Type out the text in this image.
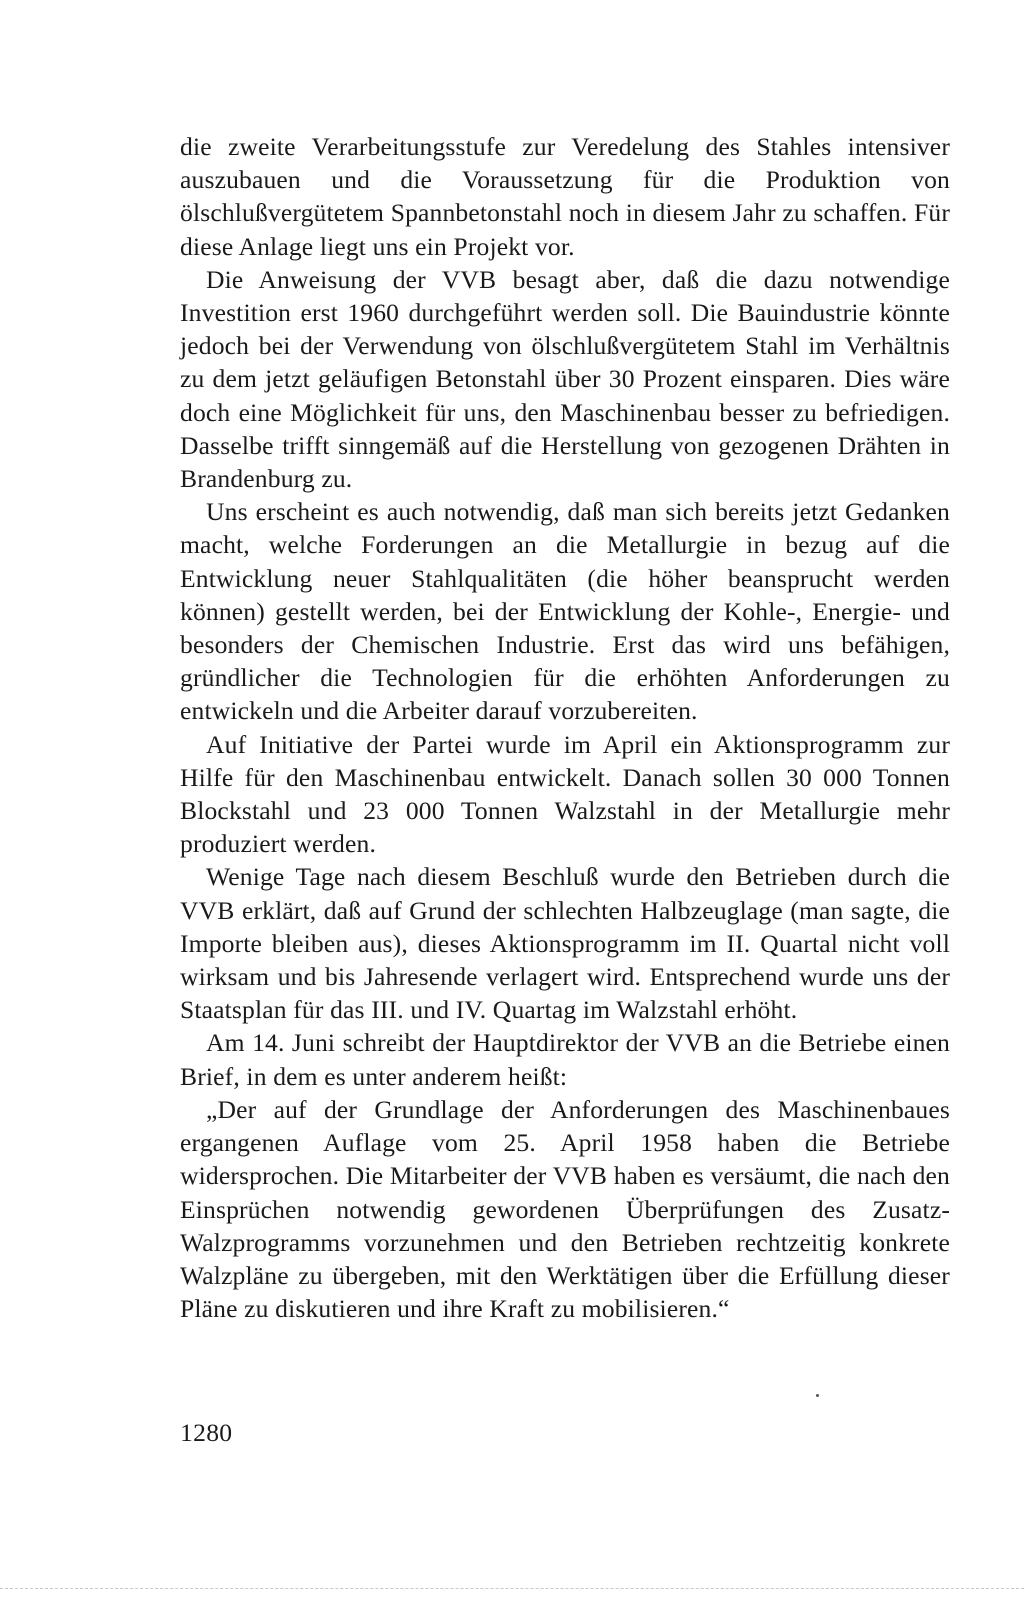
die zweite Verarbeitungsstufe zur Veredelung des Stahles intensiver auszubauen und die Voraussetzung für die Produktion von ölschlußvergütetem Spannbetonstahl noch in diesem Jahr zu schaffen. Für diese Anlage liegt uns ein Projekt vor.

Die Anweisung der VVB besagt aber, daß die dazu notwendige Investition erst 1960 durchgeführt werden soll. Die Bauindustrie könnte jedoch bei der Verwendung von ölschlußvergütetem Stahl im Verhältnis zu dem jetzt geläufigen Betonstahl über 30 Prozent einsparen. Dies wäre doch eine Möglichkeit für uns, den Maschinenbau besser zu befriedigen. Dasselbe trifft sinngemäß auf die Herstellung von gezogenen Drähten in Brandenburg zu.

Uns erscheint es auch notwendig, daß man sich bereits jetzt Gedanken macht, welche Forderungen an die Metallurgie in bezug auf die Entwicklung neuer Stahlqualitäten (die höher beansprucht werden können) gestellt werden, bei der Entwicklung der Kohle-, Energie- und besonders der Chemischen Industrie. Erst das wird uns befähigen, gründlicher die Technologien für die erhöhten Anforderungen zu entwickeln und die Arbeiter darauf vorzubereiten.

Auf Initiative der Partei wurde im April ein Aktionsprogramm zur Hilfe für den Maschinenbau entwickelt. Danach sollen 30 000 Tonnen Blockstahl und 23 000 Tonnen Walzstahl in der Metallurgie mehr produziert werden.

Wenige Tage nach diesem Beschluß wurde den Betrieben durch die VVB erklärt, daß auf Grund der schlechten Halbzeuglage (man sagte, die Importe bleiben aus), dieses Aktionsprogramm im II. Quartal nicht voll wirksam und bis Jahresende verlagert wird. Entsprechend wurde uns der Staatsplan für das III. und IV. Quartag im Walzstahl erhöht.

Am 14. Juni schreibt der Hauptdirektor der VVB an die Betriebe einen Brief, in dem es unter anderem heißt:

„Der auf der Grundlage der Anforderungen des Maschinenbaues ergangenen Auflage vom 25. April 1958 haben die Betriebe widersprochen. Die Mitarbeiter der VVB haben es versäumt, die nach den Einsprüchen notwendig gewordenen Überprüfungen des Zusatz-Walzprogramms vorzunehmen und den Betrieben rechtzeitig konkrete Walzpläne zu übergeben, mit den Werktätigen über die Erfüllung dieser Pläne zu diskutieren und ihre Kraft zu mobilisieren.“

1280
